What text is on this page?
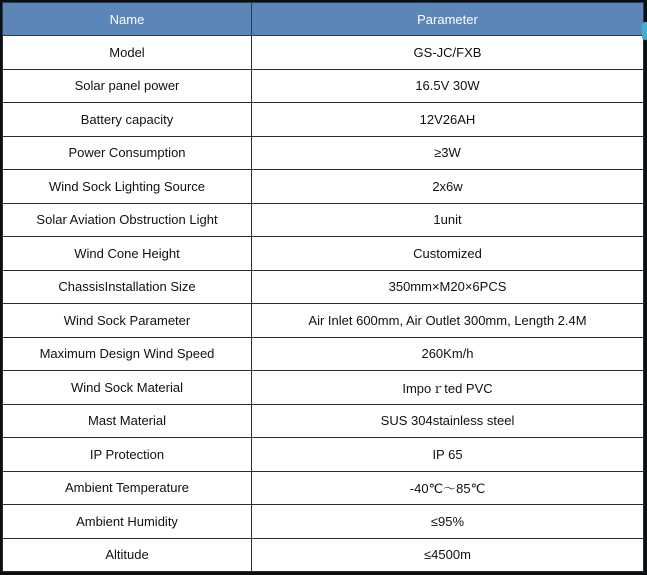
Name	Parameter
Model	GS-JC/FXB
Solar panel power	16.5V 30W
Battery capacity	12V26AH
Power Consumption	≥3W
Wind Sock Lighting Source	2x6w
Solar Aviation Obstruction Light	1unit
Wind Cone Height	Customized
ChassisInstallation Size	350mm×M20×6PCS
Wind Sock Parameter	Air Inlet 600mm, Air Outlet 300mm, Length 2.4M
Maximum Design Wind Speed	260Km/h
Wind Sock Material	Impoｒted PVC
Mast Material	SUS 304stainless steel
IP Protection	IP 65
Ambient Temperature	-40℃～85℃
Ambient Humidity	≤95%
Altitude	≤4500m
